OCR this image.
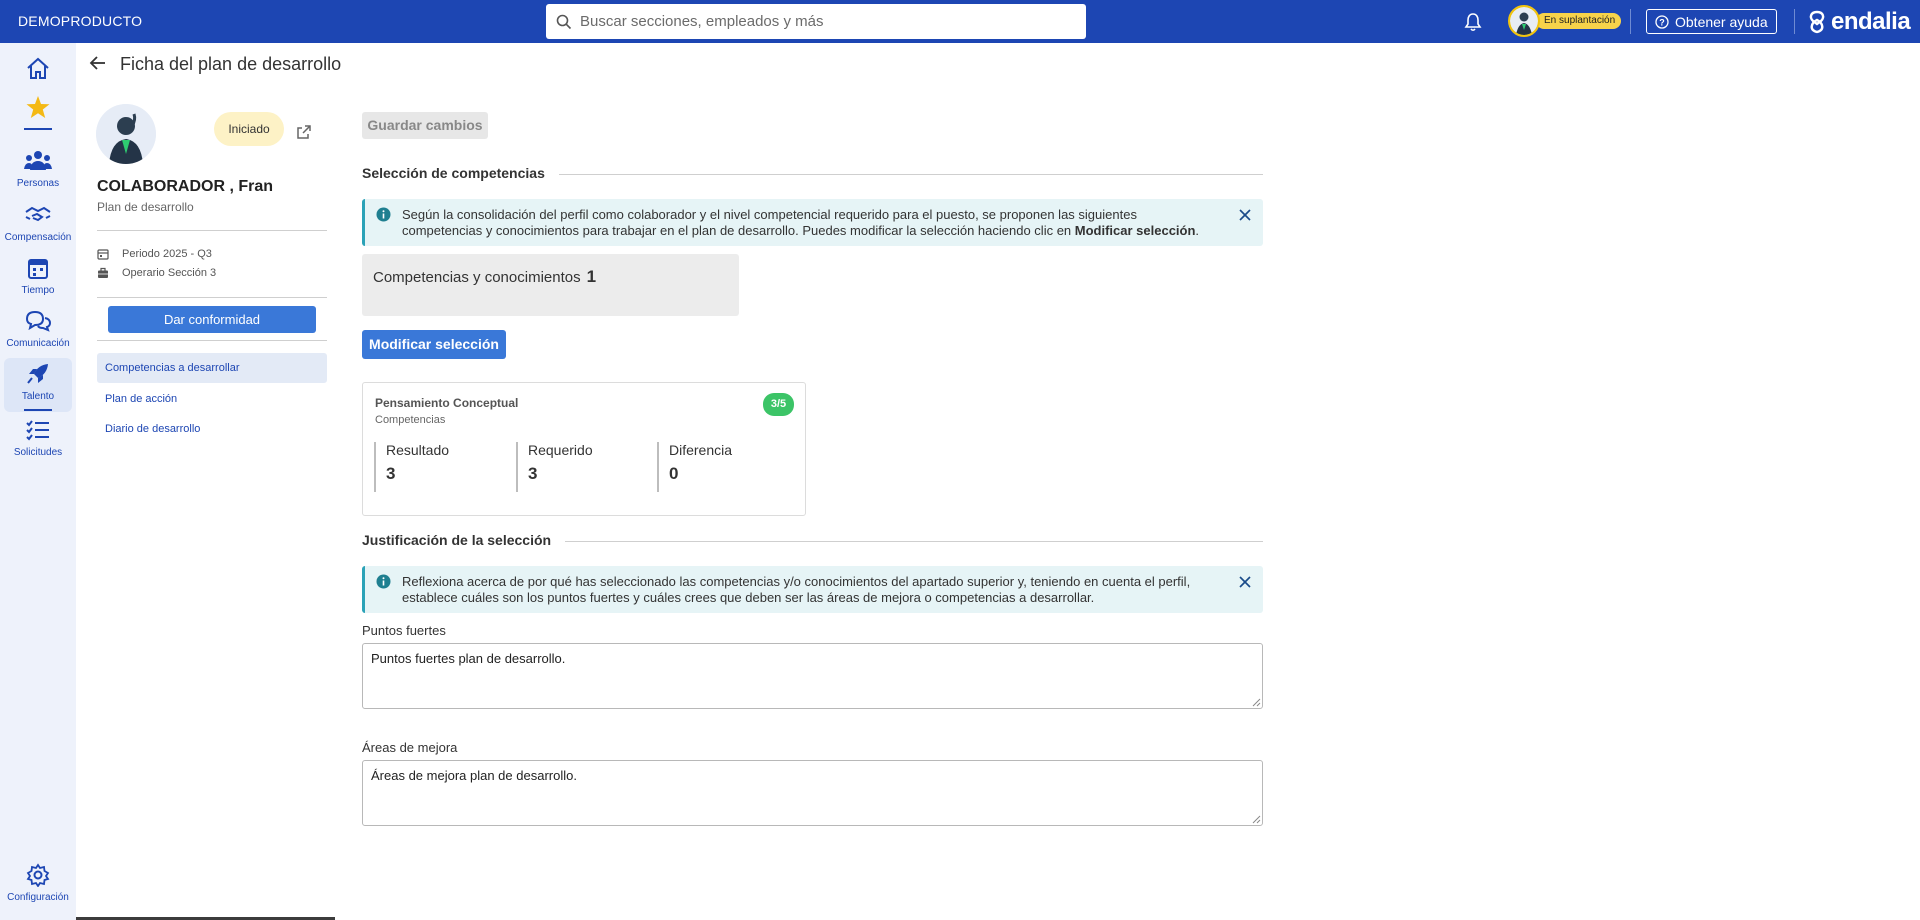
DEMOPRODUCTO	Buscar secciones, empleados y más	En suplantación	? Obtener ayuda	endalia
Personas
Compensación
Tiempo
Comunicación
Talento
Solicitudes
Configuración
Ficha del plan de desarrollo
Iniciado
COLABORADOR , Fran
Plan de desarrollo
Periodo 2025 - Q3
Operario Sección 3
Dar conformidad
Competencias a desarrollar
Plan de acción
Diario de desarrollo
Guardar cambios
Selección de competencias
Según la consolidación del perfil como colaborador y el nivel competencial requerido para el puesto, se proponen las siguientes competencias y conocimientos para trabajar en el plan de desarrollo. Puedes modificar la selección haciendo clic en Modificar selección.
Competencias y conocimientos 1
Modificar selección
Pensamiento Conceptual
Competencias
3/5
Resultado
3
Requerido
3
Diferencia
0
Justificación de la selección
Reflexiona acerca de por qué has seleccionado las competencias y/o conocimientos del apartado superior y, teniendo en cuenta el perfil, establece cuáles son los puntos fuertes y cuáles crees que deben ser las áreas de mejora o competencias a desarrollar.
Puntos fuertes
Puntos fuertes plan de desarrollo.
Áreas de mejora
Áreas de mejora plan de desarrollo.
